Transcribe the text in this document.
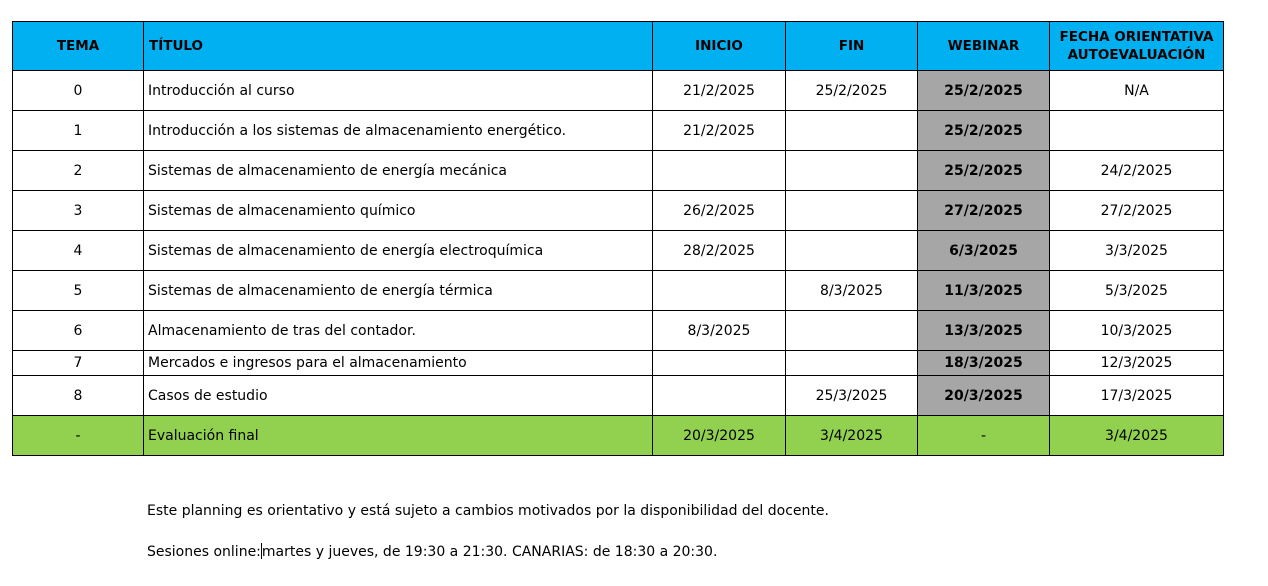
TEMA	TÍTULO	INICIO	FIN	WEBINAR	FECHA ORIENTATIVA
AUTOEVALUACIÓN
0	Introducción al curso	21/2/2025	25/2/2025	25/2/2025	N/A
1	Introducción a los sistemas de almacenamiento energético.	21/2/2025		25/2/2025	
2	Sistemas de almacenamiento de energía mecánica			25/2/2025	24/2/2025
3	Sistemas de almacenamiento químico	26/2/2025		27/2/2025	27/2/2025
4	Sistemas de almacenamiento de energía electroquímica	28/2/2025		6/3/2025	3/3/2025
5	Sistemas de almacenamiento de energía térmica		8/3/2025	11/3/2025	5/3/2025
6	Almacenamiento de tras del contador.	8/3/2025		13/3/2025	10/3/2025
7	Mercados e ingresos para el almacenamiento			18/3/2025	12/3/2025
8	Casos de estudio		25/3/2025	20/3/2025	17/3/2025
-	Evaluación final	20/3/2025	3/4/2025	-	3/4/2025
Este planning es orientativo y está sujeto a cambios motivados por la disponibilidad del docente.
Sesiones online:martes y jueves, de 19:30 a 21:30. CANARIAS: de 18:30 a 20:30.
